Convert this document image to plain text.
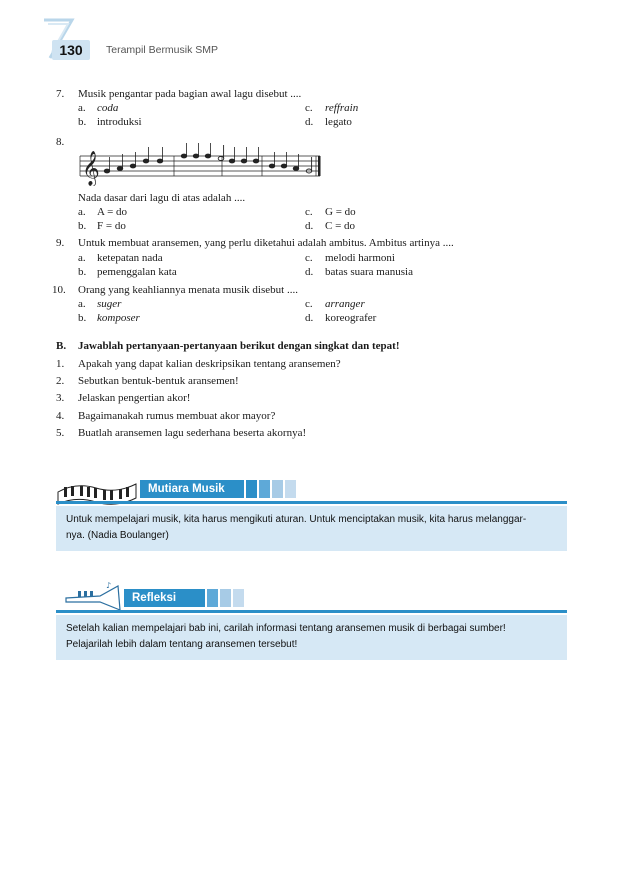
130	Terampil Bermusik SMP
7. Musik pengantar pada bagian awal lagu disebut ....
a. coda	c. reffrain
b. introduksi	d. legato
8.
𝄞
Nada dasar dari lagu di atas adalah ....
a. A = do	c. G = do
b. F = do	d. C = do
9. Untuk membuat aransemen, yang perlu diketahui adalah ambitus. Ambitus artinya ....
a. ketepatan nada	c. melodi harmoni
b. pemenggalan kata	d. batas suara manusia
10. Orang yang keahliannya menata musik disebut ....
a. suger	c. arranger
b. komposer	d. koreografer
B. Jawablah pertanyaan-pertanyaan berikut dengan singkat dan tepat!
1. Apakah yang dapat kalian deskripsikan tentang aransemen?
2. Sebutkan bentuk-bentuk aransemen!
3. Jelaskan pengertian akor!
4. Bagaimanakah rumus membuat akor mayor?
5. Buatlah aransemen lagu sederhana beserta akornya!
Mutiara Musik
Untuk mempelajari musik, kita harus mengikuti aturan. Untuk menciptakan musik, kita harus melanggar-
nya. (Nadia Boulanger)
♪
Refleksi
Setelah kalian mempelajari bab ini, carilah informasi tentang aransemen musik di berbagai sumber!
Pelajarilah lebih dalam tentang aransemen tersebut!
